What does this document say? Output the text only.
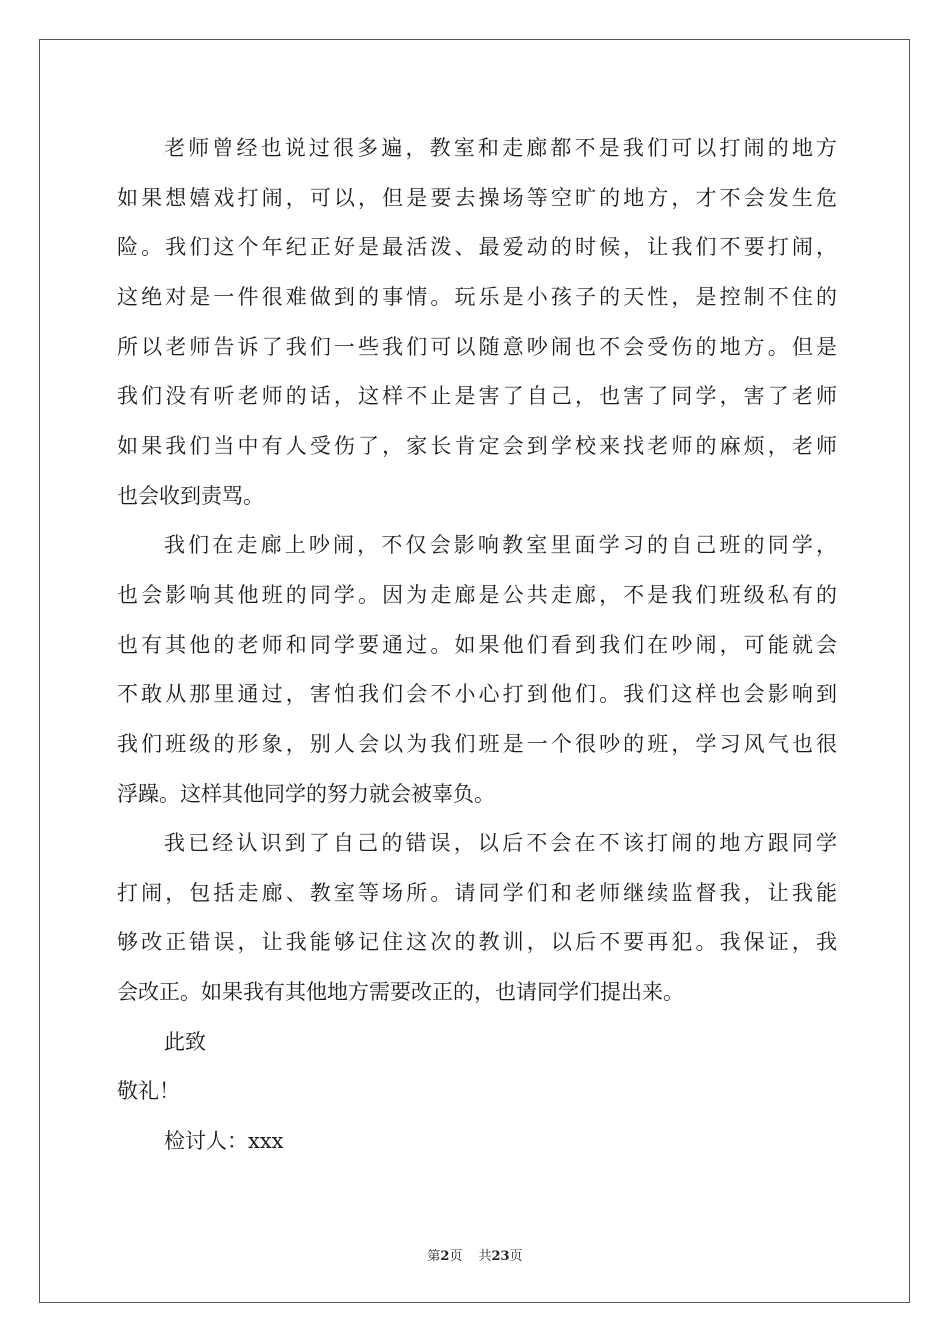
老师曾经也说过很多遍，教室和走廊都不是我们可以打闹的地方
如果想嬉戏打闹，可以，但是要去操场等空旷的地方，才不会发生危
险。我们这个年纪正好是最活泼、最爱动的时候，让我们不要打闹，
这绝对是一件很难做到的事情。玩乐是小孩子的天性，是控制不住的
所以老师告诉了我们一些我们可以随意吵闹也不会受伤的地方。但是
我们没有听老师的话，这样不止是害了自己，也害了同学，害了老师
如果我们当中有人受伤了，家长肯定会到学校来找老师的麻烦，老师
也会收到责骂。
我们在走廊上吵闹，不仅会影响教室里面学习的自己班的同学，
也会影响其他班的同学。因为走廊是公共走廊，不是我们班级私有的
也有其他的老师和同学要通过。如果他们看到我们在吵闹，可能就会
不敢从那里通过，害怕我们会不小心打到他们。我们这样也会影响到
我们班级的形象，别人会以为我们班是一个很吵的班，学习风气也很
浮躁。这样其他同学的努力就会被辜负。
我已经认识到了自己的错误，以后不会在不该打闹的地方跟同学
打闹，包括走廊、教室等场所。请同学们和老师继续监督我，让我能
够改正错误，让我能够记住这次的教训，以后不要再犯。我保证，我
会改正。如果我有其他地方需要改正的，也请同学们提出来。
此致
敬礼！
检讨人：xxx
第2页 共23页
